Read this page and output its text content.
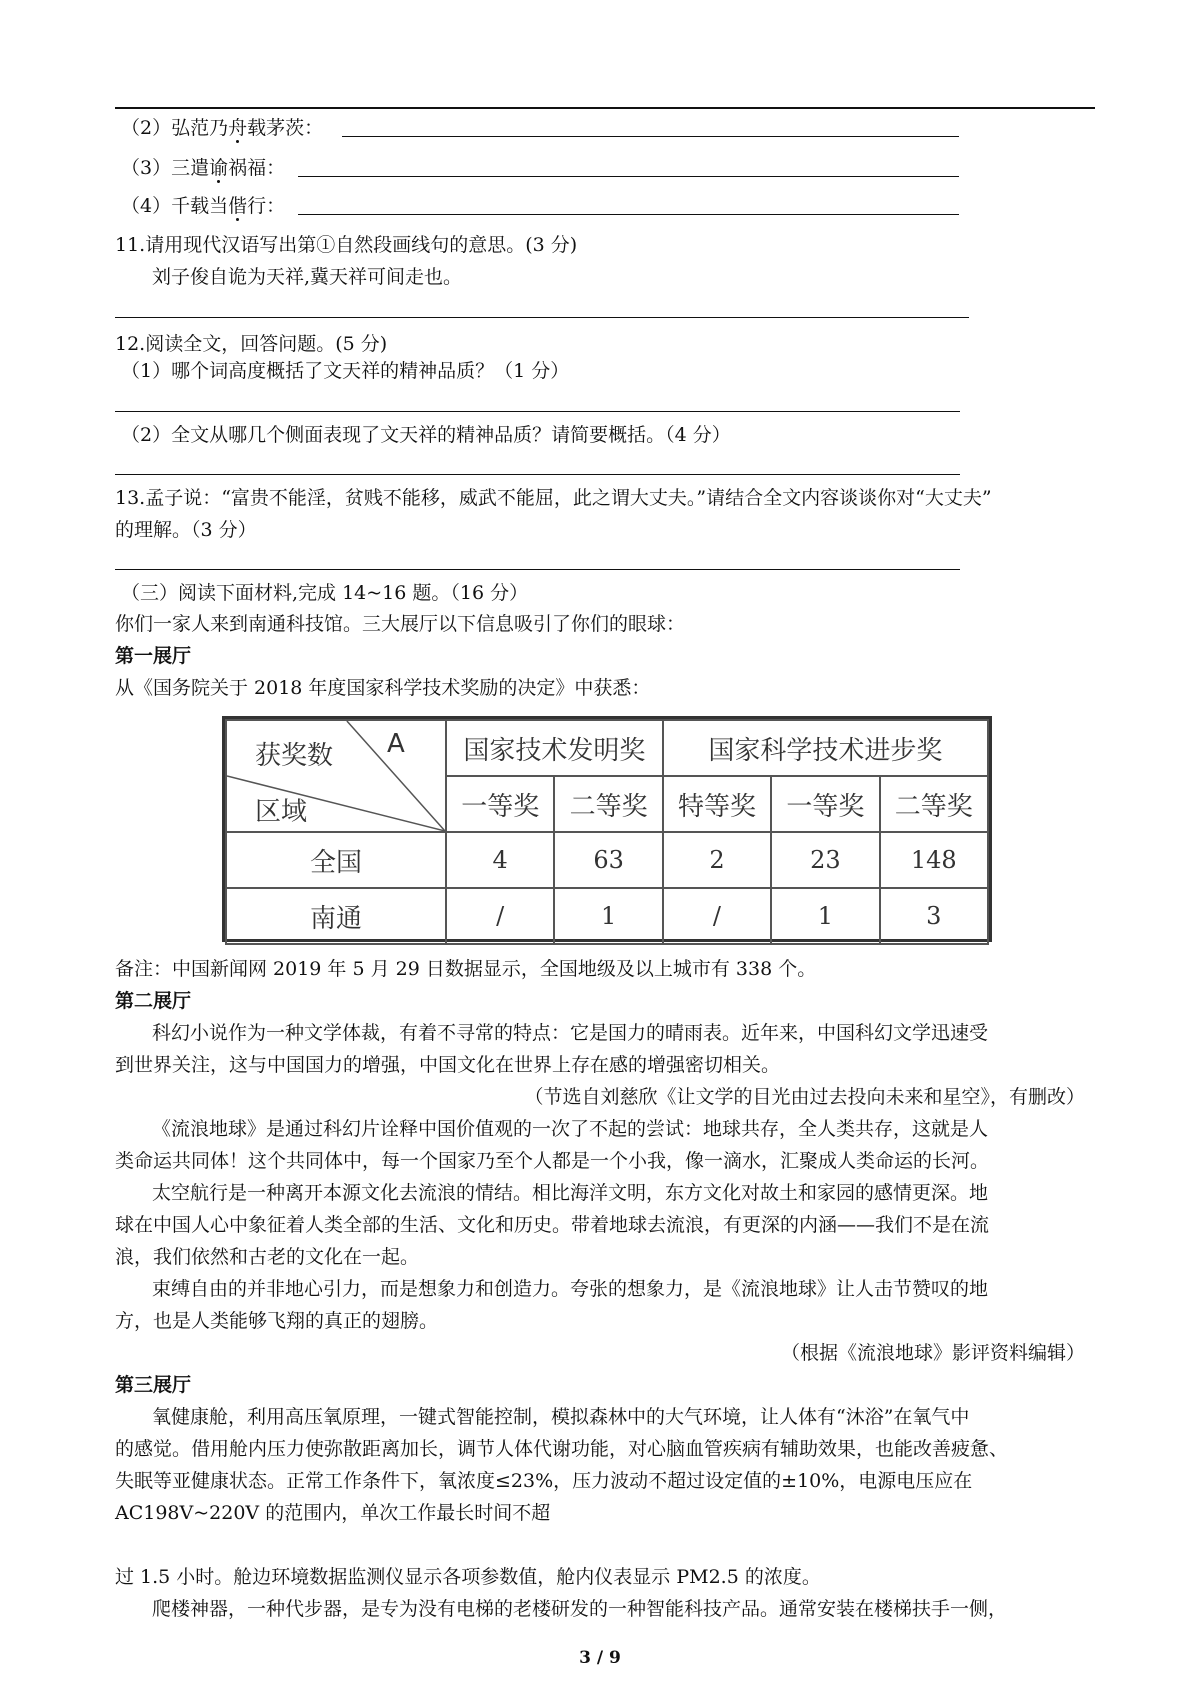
（2）弘范乃舟载茅茨：
（3）三遣谕祸福：
（4）千载当偕行：
11.请用现代汉语写出第①自然段画线句的意思。(3 分)
刘子俊自诡为天祥,冀天祥可间走也。
12.阅读全文，回答问题。(5 分)
（1）哪个词高度概括了文天祥的精神品质？（1 分）
（2）全文从哪几个侧面表现了文天祥的精神品质？请简要概括。（4 分）
13.孟子说：“富贵不能淫，贫贱不能移，威武不能屈，此之谓大丈夫。”请结合全文内容谈谈你对“大丈夫”
的理解。（3 分）
（三）阅读下面材料,完成 14~16 题。（16 分）
你们一家人来到南通科技馆。三大展厅以下信息吸引了你们的眼球：
第一展厅
从《国务院关于 2018 年度国家科学技术奖励的决定》中获悉：
获奖数 A
区域	国家技术发明奖		国家科学技术进步奖		
	一等奖	二等奖	特等奖	一等奖	二等奖
全国	4	63	2	23	148
南通	/	1	/	1	3
备注：中国新闻网 2019 年 5 月 29 日数据显示，全国地级及以上城市有 338 个。
第二展厅
科幻小说作为一种文学体裁，有着不寻常的特点：它是国力的晴雨表。近年来，中国科幻文学迅速受
到世界关注，这与中国国力的增强，中国文化在世界上存在感的增强密切相关。
（节选自刘慈欣《让文学的目光由过去投向未来和星空》，有删改）
《流浪地球》是通过科幻片诠释中国价值观的一次了不起的尝试：地球共存，全人类共存，这就是人
类命运共同体！这个共同体中，每一个国家乃至个人都是一个小我，像一滴水，汇聚成人类命运的长河。
太空航行是一种离开本源文化去流浪的情结。相比海洋文明，东方文化对故土和家园的感情更深。地
球在中国人心中象征着人类全部的生活、文化和历史。带着地球去流浪，有更深的内涵——我们不是在流
浪，我们依然和古老的文化在一起。
束缚自由的并非地心引力，而是想象力和创造力。夸张的想象力，是《流浪地球》让人击节赞叹的地
方，也是人类能够飞翔的真正的翅膀。
（根据《流浪地球》影评资料编辑）
第三展厅
氧健康舱，利用高压氧原理，一键式智能控制，模拟森林中的大气环境，让人体有“沐浴”在氧气中
的感觉。借用舱内压力使弥散距离加长，调节人体代谢功能，对心脑血管疾病有辅助效果，也能改善疲惫、
失眠等亚健康状态。正常工作条件下，氧浓度≤23%，压力波动不超过设定值的±10%，电源电压应在
AC198V~220V 的范围内，单次工作最长时间不超
过 1.5 小时。舱边环境数据监测仪显示各项参数值，舱内仪表显示 PM2.5 的浓度。
爬楼神器，一种代步器，是专为没有电梯的老楼研发的一种智能科技产品。通常安装在楼梯扶手一侧，
3 / 9
